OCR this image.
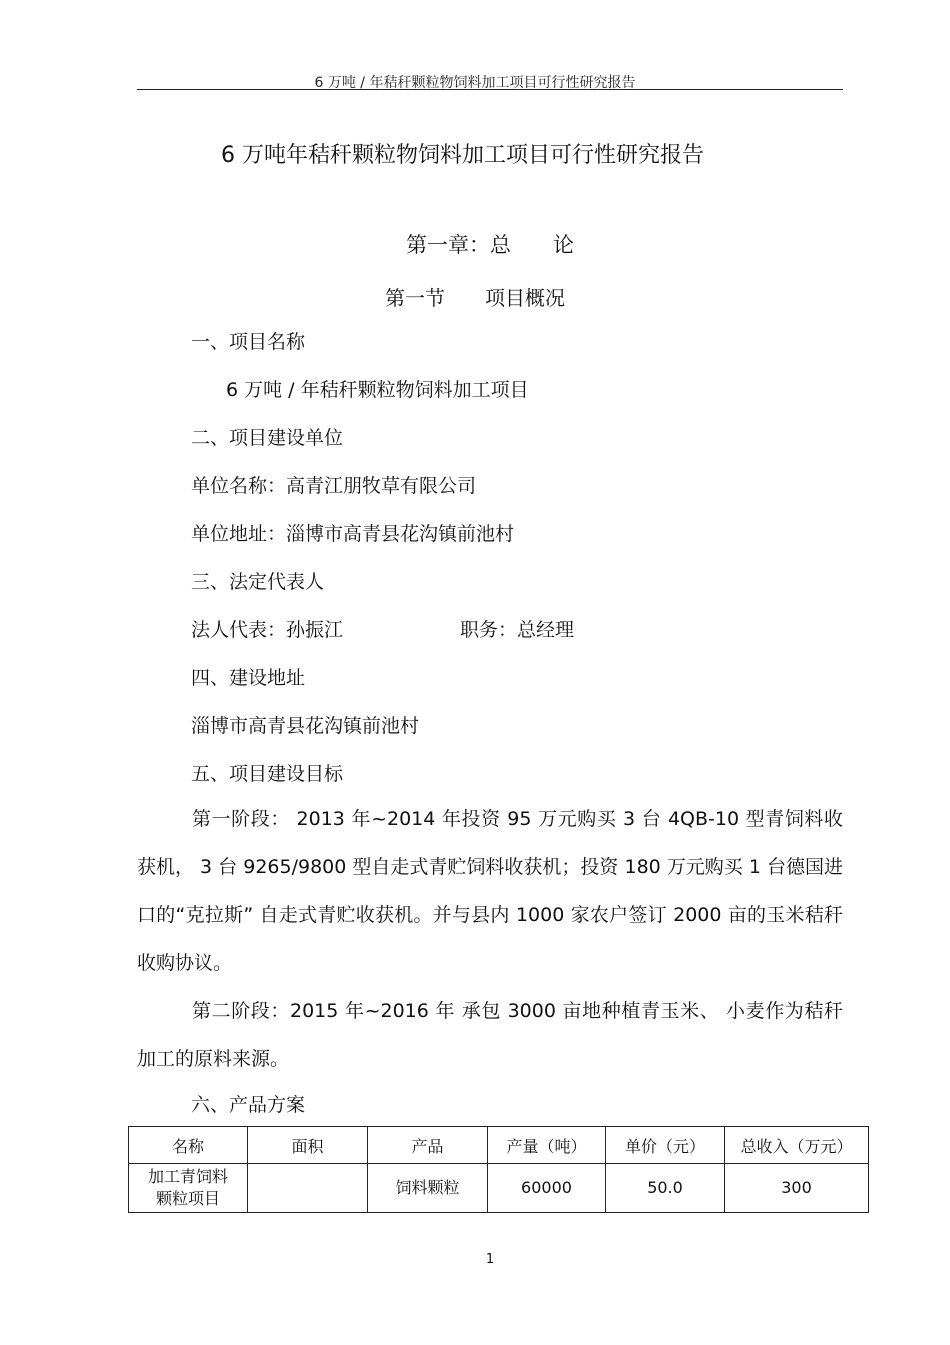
6 万吨 / 年秸秆颗粒物饲料加工项目可行性研究报告
6 万吨年秸秆颗粒物饲料加工项目可行性研究报告
第一章：总　　论
第一节　　项目概况
一、项目名称
6 万吨 / 年秸秆颗粒物饲料加工项目
二、项目建设单位
单位名称：高青江朋牧草有限公司
单位地址：淄博市高青县花沟镇前池村
三、法定代表人
法人代表：孙振江	职务：总经理
四、建设地址
淄博市高青县花沟镇前池村
五、项目建设目标
第一阶段： 2013 年~2014 年投资 95 万元购买 3 台 4QB-10 型青饲料收获机， 3 台 9265/9800 型自走式青贮饲料收获机；投资 180 万元购买 1 台德国进口的“克拉斯” 自走式青贮收获机。并与县内 1000 家农户签订 2000 亩的玉米秸秆收购协议。
第二阶段：2015 年~2016 年 承包 3000 亩地种植青玉米、 小麦作为秸秆加工的原料来源。
六、产品方案
名称	面积	产品	产量（吨）	单价（元）	总收入（万元）

加工青饲料
颗粒项目		饲料颗粒	60000	50.0	300
1
